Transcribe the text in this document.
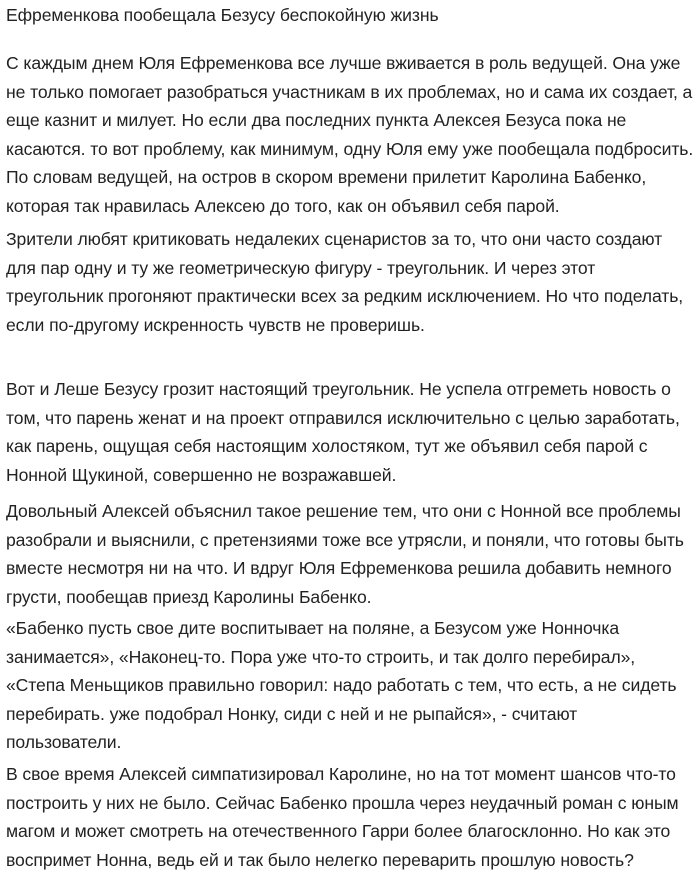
Ефременкова пообещала Безусу беспокойную жизнь

С каждым днем Юля Ефременкова все лучше вживается в роль ведущей. Она уже не только помогает разобраться участникам в их проблемах, но и сама их создает, а еще казнит и милует. Но если два последних пункта Алексея Безуса пока не касаются. то вот проблему, как минимум, одну Юля ему уже пообещала подбросить. По словам ведущей, на остров в скором времени прилетит Каролина Бабенко, которая так нравилась Алексею до того, как он объявил себя парой.

Зрители любят критиковать недалеких сценаристов за то, что они часто создают для пар одну и ту же геометрическую фигуру - треугольник. И через этот треугольник прогоняют практически всех за редким исключением. Но что поделать, если по-другому искренность чувств не проверишь.

Вот и Леше Безусу грозит настоящий треугольник. Не успела отгреметь новость о том, что парень женат и на проект отправился исключительно с целью заработать, как парень, ощущая себя настоящим холостяком, тут же объявил себя парой с Нонной Щукиной, совершенно не возражавшей.

Довольный Алексей объяснил такое решение тем, что они с Нонной все проблемы разобрали и выяснили, с претензиями тоже все утрясли, и поняли, что готовы быть вместе несмотря ни на что. И вдруг Юля Ефременкова решила добавить немного грусти, пообещав приезд Каролины Бабенко.

«Бабенко пусть свое дите воспитывает на поляне, а Безусом уже Нонночка занимается», «Наконец-то. Пора уже что-то строить, и так долго перебирал», «Степа Меньщиков правильно говорил: надо работать с тем, что есть, а не сидеть перебирать. уже подобрал Нонку, сиди с ней и не рыпайся», - считают пользователи.

В свое время Алексей симпатизировал Каролине, но на тот момент шансов что-то построить у них не было. Сейчас Бабенко прошла через неудачный роман с юным магом и может смотреть на отечественного Гарри более благосклонно. Но как это воспримет Нонна, ведь ей и так было нелегко переварить прошлую новость?
